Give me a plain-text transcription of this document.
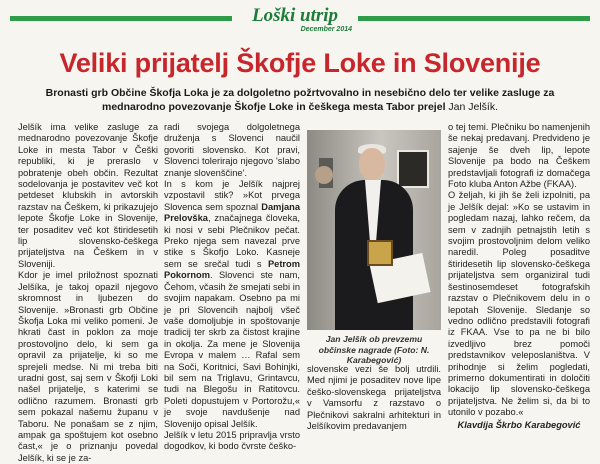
Loški utrip
December 2014
Veliki prijatelj Škofje Loke in Slovenije
Bronasti grb Občine Škofja Loka je za dolgoletno požrtvovalno in nesebično delo ter velike zasluge za mednarodno povezovanje Škofje Loke in češkega mesta Tabor prejel Jan Jelšík.

Jelšík ima velike zasluge za mednarodno povezovanje Škofje Loke in mesta Tabor v Češki republiki, ki je preraslo v pobratenje obeh občin. Rezultat sodelovanja je postavitev več kot petdeset klubskih in avtorskih razstav na Češkem, ki prikazujejo lepote Škofje Loke in Slovenije, ter posaditev več kot štiridesetih lip slovensko-češkega prijateljstva na Češkem in v Sloveniji.

Kdor je imel priložnost spoznati Jelšíka, je takoj opazil njegovo skromnost in ljubezen do Slovenije. »Bronasti grb Občine Škofja Loka mi veliko pomeni. Je hkrati čast in poklon za moje prostovoljno delo, ki sem ga opravil za prijatelje, ki so me sprejeli medse. Ni mi treba biti uradni gost, saj sem v Škofji Loki našel prijatelje, s katerimi se odlično razumem. Bronasti grb sem pokazal našemu županu v Taboru. Ne ponašam se z njim, ampak ga spoštujem kot osebno čast,« je o priznanju povedal Jelšík, ki se je za-

radi svojega dolgoletnega druženja s Slovenci naučil govoriti slovensko. Kot pravi, Slovenci tolerirajo njegovo 'slabo znanje slovenščine'.

In s kom je Jelšík najprej vzpostavil stik? »Kot prvega Slovenca sem spoznal Damjana Prelovška, značajnega človeka, ki nosi v sebi Plečnikov pečat. Preko njega sem navezal prve stike s Škofjo Loko. Kasneje sem se srečal tudi s Petrom Pokornom. Slovenci ste nam, Čehom, včasih že smejati sebi in svojim napakam. Osebno pa mi je pri Slovencih najbolj všeč vaše domoljubje in spoštovanje tradicij ter skrb za čistost krajine in okolja. Za mene je Slovenija Evropa v malem … Rafal sem na Soči, Koritnici, Savi Bohinjki, bil sem na Triglavu, Grintavcu, tudi na Blegošu in Ratitovcu. Poleti dopustujem v Portorožu,« je svoje navdušenje nad Slovenijo opisal Jelšík.

Jelšík v letu 2015 pripravlja vrsto dogodkov, ki bodo čvrste češko-

Jan Jelšík ob prevzemu občinske nagrade (Foto: N. Karabegović)
slovenske vezi še bolj utrdili. Med njimi je posaditev nove lipe češko-slovenskega prijateljstva v Vamsorfu z razstavo o Plečnikovi sakralni arhitekturi in Jelšíkovim predavanjem

o tej temi. Plečniku bo namenjenih še nekaj predavanj. Predvideno je sajenje še dveh lip, lepote Slovenije pa bodo na Češkem predstavljali fotografi iz domačega Foto kluba Anton Ažbe (FKAA).

O željah, ki jih še želi izpolniti, pa je Jelšík dejal: »Ko se ustavim in pogledam nazaj, lahko rečem, da sem v zadnjih petnajstih letih s svojim prostovoljnim delom veliko naredil. Poleg posaditve štiridesetih lip slovensko-češkega prijateljstva sem organiziral tudi šestinosemdeset fotografskih razstav o Plečnikovem delu in o lepotah Slovenije. Sledanje so vedno odlično predstavili fotografi iz FKAA. Vse to pa ne bi bilo izvedljivo brez pomoči predstavnikov veleposlaništva. V prihodnje si želim pogledati, primerno dokumentirati in določiti lokacijo lip slovensko-češkega prijateljstva. Ne želim si, da bi to utonilo v pozabo.«

Klavdija Škrbo Karabegović
